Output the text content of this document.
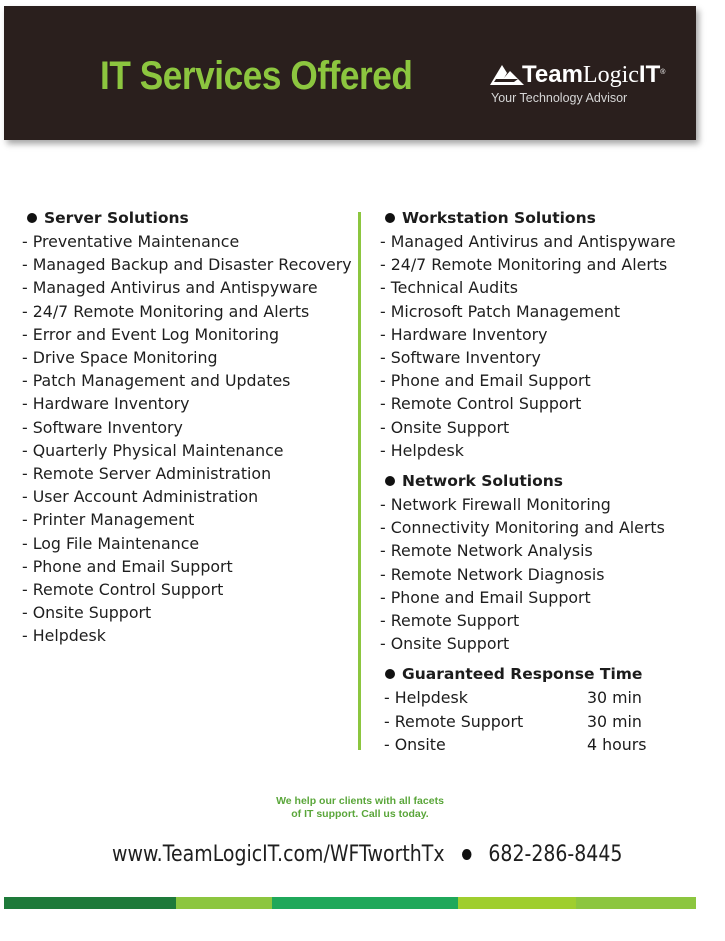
IT Services Offered	TeamLogicIT®
Your Technology Advisor
Server Solutions
- Preventative Maintenance
- Managed Backup and Disaster Recovery
- Managed Antivirus and Antispyware
- 24/7 Remote Monitoring and Alerts
- Error and Event Log Monitoring
- Drive Space Monitoring
- Patch Management and Updates
- Hardware Inventory
- Software Inventory
- Quarterly Physical Maintenance
- Remote Server Administration
- User Account Administration
- Printer Management
- Log File Maintenance
- Phone and Email Support
- Remote Control Support
- Onsite Support
- Helpdesk
Workstation Solutions
- Managed Antivirus and Antispyware
- 24/7 Remote Monitoring and Alerts
- Technical Audits
- Microsoft Patch Management
- Hardware Inventory
- Software Inventory
- Phone and Email Support
- Remote Control Support
- Onsite Support
- Helpdesk
Network Solutions
- Network Firewall Monitoring
- Connectivity Monitoring and Alerts
- Remote Network Analysis
- Remote Network Diagnosis
- Phone and Email Support
- Remote Support
- Onsite Support
Guaranteed Response Time
- Helpdesk	30 min
- Remote Support	30 min
- Onsite	4 hours
We help our clients with all facets
of IT support. Call us today.
www.TeamLogicIT.com/WFTworthTx 682-286-8445
